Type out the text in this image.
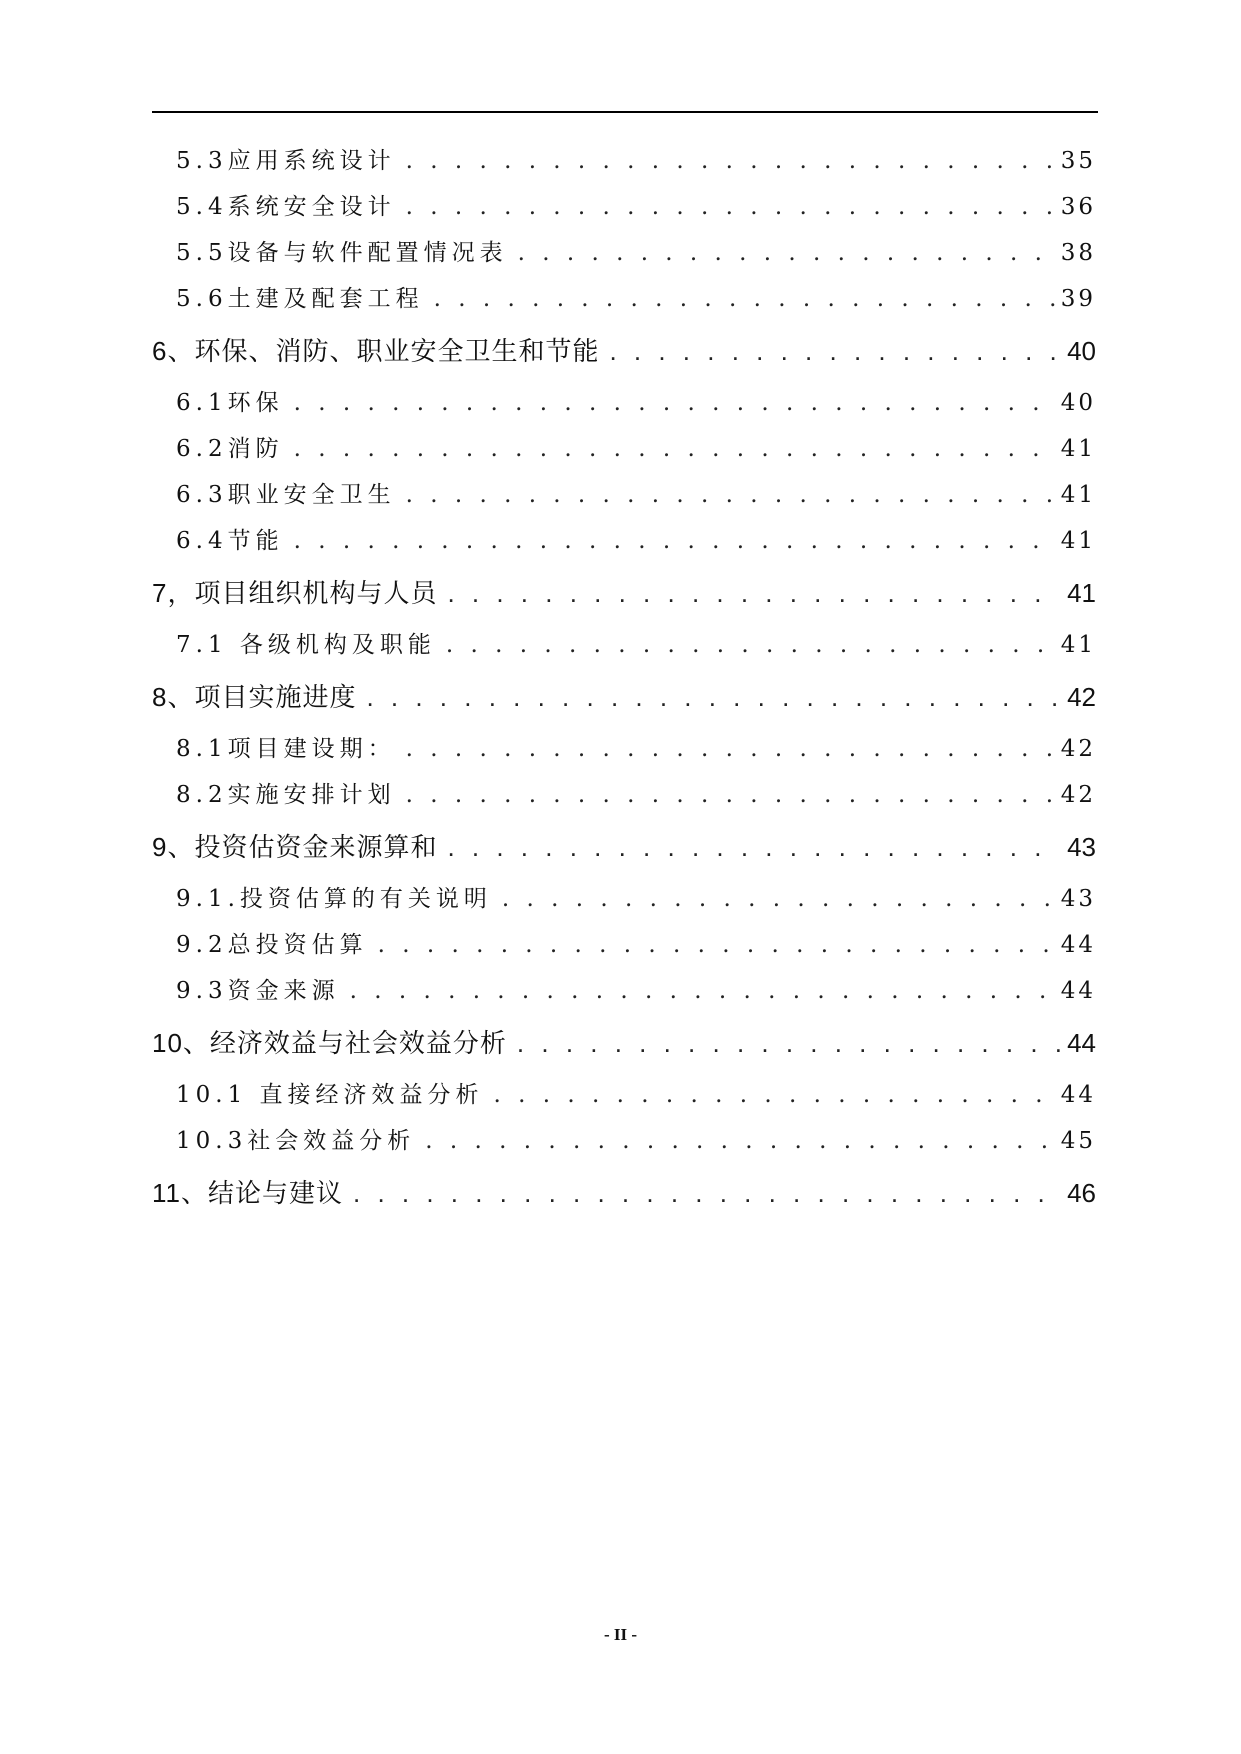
5.3应用系统设计 . . .	35
5.4系统安全设计 . . .	36
5.5设备与软件配置情况表 . . .	38
5.6土建及配套工程 . . .	39
6、环保、消防、职业安全卫生和节能 . . .	40
6.1环保 . . .	40
6.2消防 . . .	41
6.3职业安全卫生 . . .	41
6.4节能 . . .	41
7，项目组织机构与人员 . . .	41
7.1 各级机构及职能 . . .	41
8、项目实施进度 . . .	42
8.1项目建设期： . . .	42
8.2实施安排计划 . . .	42
9、投资估资金来源算和 . . .	43
9.1.投资估算的有关说明 . . .	43
9.2总投资估算 . . .	44
9.3资金来源 . . .	44
10、经济效益与社会效益分析 . . .	44
10.1 直接经济效益分析 . . .	44
10.3社会效益分析 . . .	45
11、结论与建议 . . .	46
- II -
